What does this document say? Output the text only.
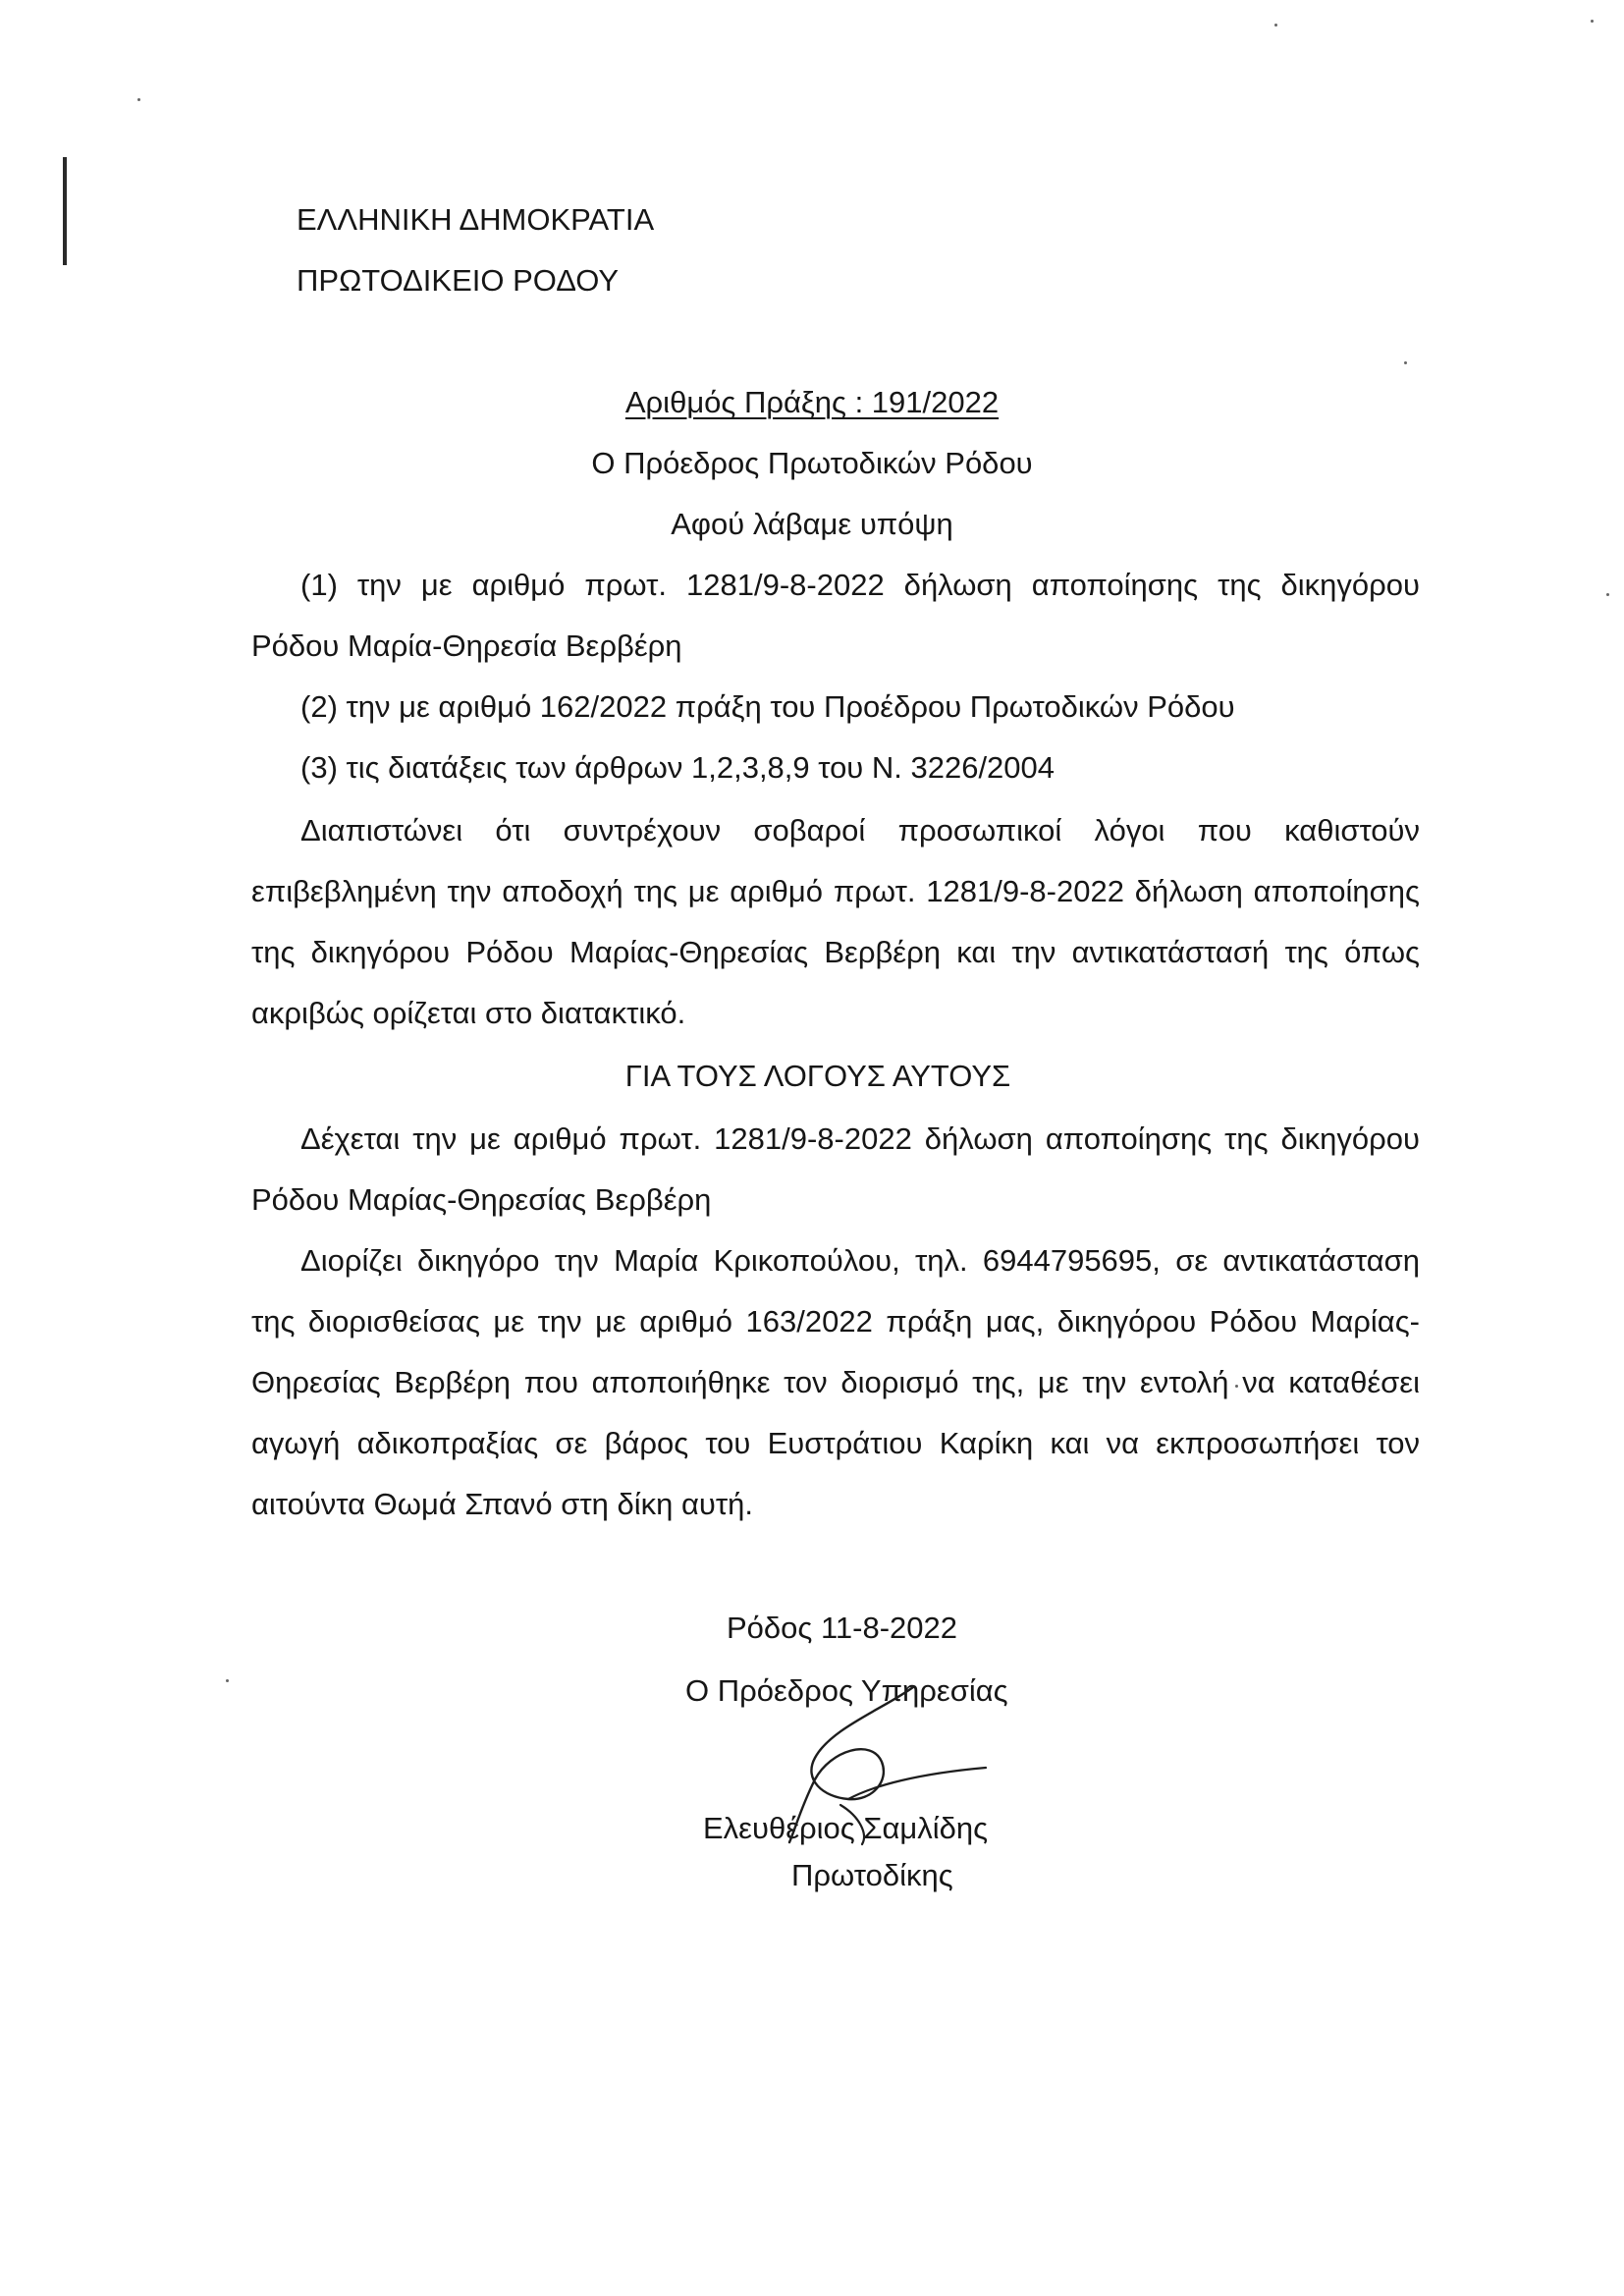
ΕΛΛΗΝΙΚΗ ΔΗΜΟΚΡΑΤΙΑ
ΠΡΩΤΟΔΙΚΕΙΟ ΡΟΔΟΥ
Αριθμός Πράξης : 191/2022
Ο Πρόεδρος Πρωτοδικών Ρόδου
Αφού λάβαμε υπόψη
(1) την με αριθμό πρωτ. 1281/9-8-2022 δήλωση αποποίησης της δικηγόρου
Ρόδου Μαρία-Θηρεσία Βερβέρη
(2) την με αριθμό 162/2022 πράξη του Προέδρου Πρωτοδικών Ρόδου
(3) τις διατάξεις των άρθρων 1,2,3,8,9 του Ν. 3226/2004
Διαπιστώνει ότι συντρέχουν σοβαροί προσωπικοί λόγοι που καθιστούν
επιβεβλημένη την αποδοχή της με αριθμό πρωτ. 1281/9-8-2022 δήλωση αποποίησης
της δικηγόρου Ρόδου Μαρίας-Θηρεσίας Βερβέρη και την αντικατάστασή της όπως
ακριβώς ορίζεται στο διατακτικό.
ΓΙΑ ΤΟΥΣ ΛΟΓΟΥΣ ΑΥΤΟΥΣ
Δέχεται την με αριθμό πρωτ. 1281/9-8-2022 δήλωση αποποίησης της δικηγόρου
Ρόδου Μαρίας-Θηρεσίας Βερβέρη
Διορίζει δικηγόρο την Μαρία Κρικοπούλου, τηλ. 6944795695, σε αντικατάσταση
της διορισθείσας με την με αριθμό 163/2022 πράξη μας, δικηγόρου Ρόδου Μαρίας-
Θηρεσίας Βερβέρη που αποποιήθηκε τον διορισμό της, με την εντολή να καταθέσει
αγωγή αδικοπραξίας σε βάρος του Ευστράτιου Καρίκη και να εκπροσωπήσει τον
αιτούντα Θωμά Σπανό στη δίκη αυτή.
Ρόδος 11-8-2022
Ο Πρόεδρος Υπηρεσίας
Ελευθέριος Σαμλίδης
Πρωτοδίκης
